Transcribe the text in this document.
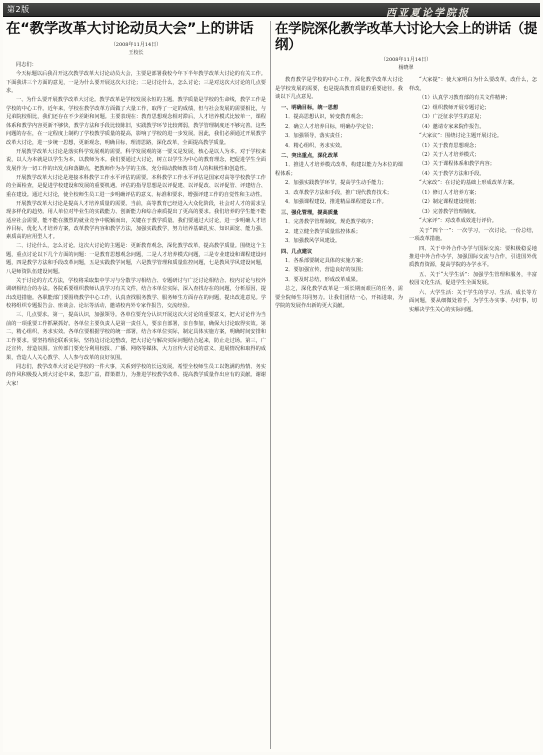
第2版	西亚夏论学院报
在“教学改革大讨论动员大会”上的讲话
（2008年11月14日）
王校长

同志们：

今天标题以后我召开这次教学改革大讨论动员大会，主要是部署我校今年下半年教学改革大讨论的有关工作。下面我讲三个方面的意见，一是为什么要开展这次大讨论；二是讨论什么，怎么讨论；三是对这次大讨论的几点要求。

一、为什么要开展教学改革大讨论。教学改革是学校发展永恒的主题。教学质量是学校的生命线，教学工作是学校的中心工作。近年来，学校在教学改革方面做了大量工作，取得了一定的成绩，但与社会发展的需要相比，与兄弟院校相比，我们还存在不少差距和问题。主要表现在：教育思想观念相对滞后，人才培养模式比较单一，课程体系和教学内容更新不够快，教学方法和手段比较陈旧，实践教学环节比较薄弱，教学管理制度还不够完善。这些问题的存在，在一定程度上制约了学校教学质量的提高，影响了学校的进一步发展。因此，我们必须通过开展教学改革大讨论，进一步统一思想，更新观念，明确目标，理清思路，深化改革，全面提高教学质量。

开展教学改革大讨论是落实科学发展观的需要。科学发展观的第一要义是发展，核心是以人为本。对于学校来说，以人为本就是以学生为本，以教师为本。我们要通过大讨论，树立以学生为中心的教育理念，把促进学生全面发展作为一切工作的出发点和落脚点，把教师作为办学的主体，充分调动教师教书育人的积极性和创造性。

开展教学改革大讨论是迎接本科教学工作水平评估的需要。本科教学工作水平评估是国家对高等学校教学工作的全面检查，是促进学校建设和发展的重要机遇。评估的指导思想是以评促建、以评促改、以评促管、评建结合、重在建设。通过大讨论，使全校师生员工进一步明确评估的意义、标准和要求，增强评建工作的自觉性和主动性。

开展教学改革大讨论是提高人才培养质量的需要。当前，高等教育已经进入大众化阶段，社会对人才的需求呈现多样化的趋势。用人单位对毕业生的实践能力、创新能力和综合素质提出了更高的要求。我们培养的学生能不能适应社会需要，能不能在激烈的就业竞争中脱颖而出，关键在于教学质量。我们要通过大讨论，进一步明确人才培养目标，优化人才培养方案，改革教学内容和教学方法，加强实践教学，努力培养基础扎实、知识面宽、能力强、素质高的应用型人才。

二、讨论什么，怎么讨论。这次大讨论的主题是：更新教育观念，深化教学改革，提高教学质量。围绕这个主题，重点讨论以下几个方面的问题：一是教育思想观念问题，二是人才培养模式问题，三是专业建设和课程建设问题，四是教学方法和手段改革问题，五是实践教学问题，六是教学管理和质量监控问题，七是教风学风建设问题，八是师资队伍建设问题。

关于讨论的方式方法，学校将采取集中学习与分散学习相结合、专题研讨与广泛讨论相结合、校内讨论与校外调研相结合的办法。各院系要组织教师认真学习有关文件，结合本单位实际，深入查找存在的问题，分析原因，提出改进措施。各职能部门要围绕教学中心工作，认真查找服务教学、服务师生方面存在的问题，提出改进意见。学校将组织专题报告会、座谈会、论坛等活动，邀请校内外专家作报告，交流经验。

三、几点要求。第一，提高认识，加强领导。各单位要充分认识开展这次大讨论的重要意义，把大讨论作为当前的一项重要工作抓紧抓好。各单位主要负责人是第一责任人，要亲自部署，亲自参加，确保大讨论取得实效。第二，精心组织，务求实效。各单位要根据学校的统一部署，结合本单位实际，制定具体实施方案，明确时间安排和工作要求。要坚持理论联系实际，坚持边讨论边整改，把大讨论与解决实际问题结合起来，防止走过场。第三，广泛宣传，营造氛围。宣传部门要充分利用校报、广播、网络等媒体，大力宣传大讨论的意义、进展情况和取得的成果，营造人人关心教学、人人参与改革的良好氛围。

同志们，教学改革大讨论是学校的一件大事，关系到学校的长远发展。希望全校师生员工以饱满的热情、务实的作风积极投入到大讨论中来，集思广益，群策群力，为推进学校教学改革、提高教学质量作出应有的贡献。谢谢大家！

在学院深化教学改革大讨论大会上的讲话（提纲）
（2008年11月14日）
杨晓翠

教育教学是学校的中心工作。深化教学改革大讨论是学校发展的需要，也是提高教育质量的重要途径。我谈以下几点意见。

一、明确目标，统一思想

1．提高思想认识，转变教育观念；

2．确立人才培养目标，明确办学定位；

3．加强领导，落实责任；

4．精心组织，务求实效。

二、突出重点，深化改革

1．推进人才培养模式改革，构建以能力为本位的课程体系；

2．加强实践教学环节，提高学生动手能力；

3．改革教学方法和手段，推广现代教育技术；

4．加强课程建设，推进精品课程建设工作。

三、强化管理，提高质量

1．完善教学管理制度，规范教学秩序；

2．建立健全教学质量监控体系；

3．加强教风学风建设。

四、几点建议

1．各系部要制定具体的实施方案；

2．要加强宣传，营造良好的氛围；

3．要及时总结，形成改革成果。

总之，深化教学改革是一项长期而艰巨的任务，需要全院师生共同努力。让我们团结一心，开拓进取，为学院的发展作出新的更大贡献。

“大家提”：使大家明白为什么要改革，改什么，怎样改。

（1）认真学习教育部的有关文件精神；

（2）组织教师开展专题讨论；

（3）广泛征求学生的意见；

（4）邀请专家来院作报告。

“大家议”：围绕讨论主题开展讨论。

（1）关于教育思想观念；

（2）关于人才培养模式；

（3）关于课程体系和教学内容；

（4）关于教学方法和手段。

“大家改”：在讨论的基础上形成改革方案。

（1）修订人才培养方案；

（2）制定课程建设规划；

（3）完善教学管理制度。

“大家评”：对改革成效进行评价。

关于“四个一”：一次学习，一次讨论，一份总结，一项改革措施。

四、关于中外合作办学与国际交流：要积极稳妥地推进中外合作办学，加强国际交流与合作，引进国外优质教育资源，提高学院的办学水平。

五、关于“大学生活”：加强学生管理和服务，丰富校园文化生活，促进学生全面发展。

六、大学生活：关于学生的学习、生活、成长等方面问题，要从细微处着手，为学生办实事、办好事，切实解决学生关心的实际问题。
